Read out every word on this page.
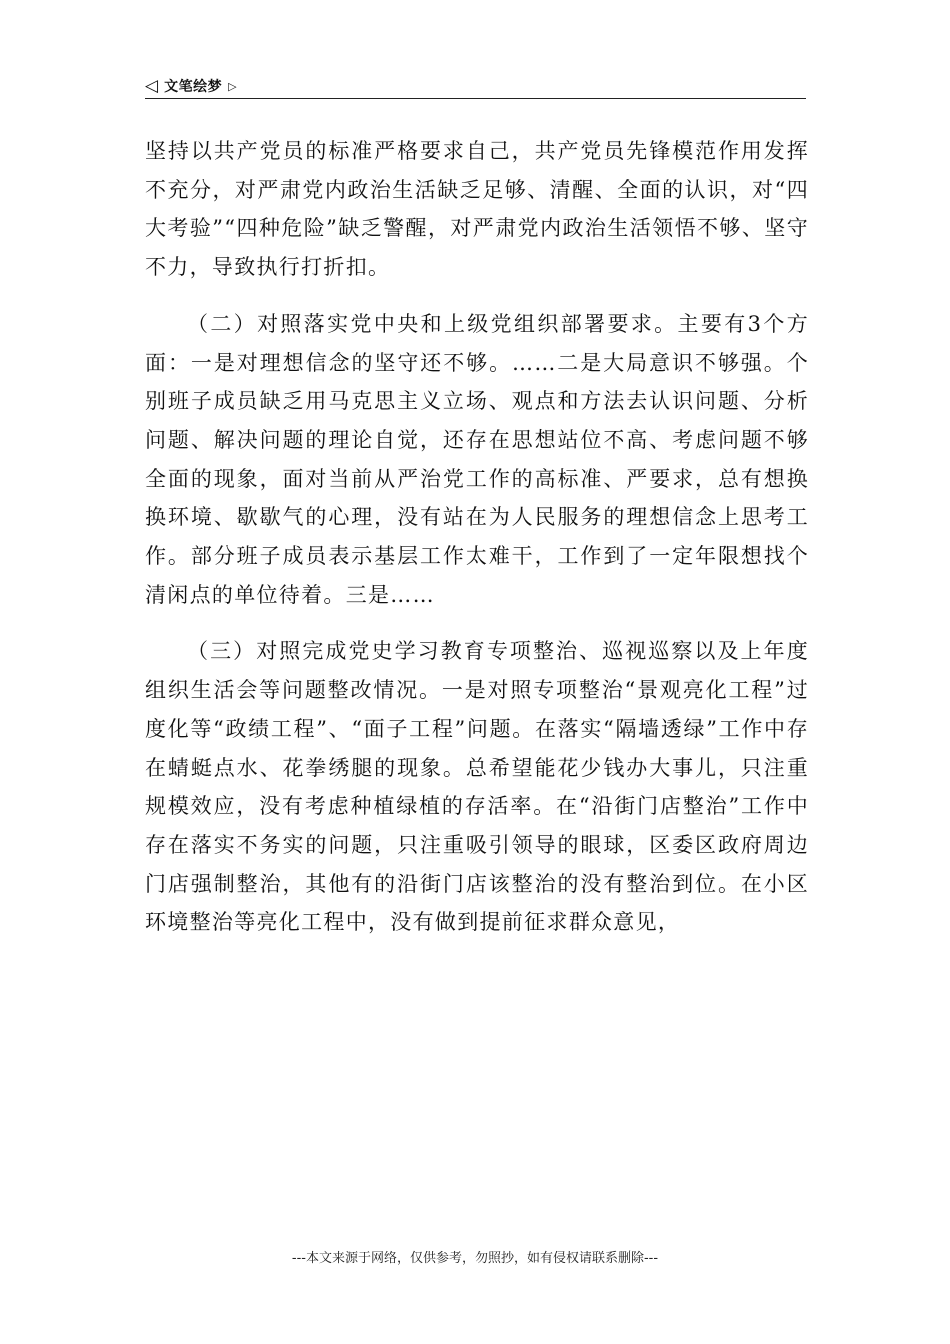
◁ 文笔绘梦 ▷

坚持以共产党员的标准严格要求自己，共产党员先锋模范作用发挥不充分，对严肃党内政治生活缺乏足够、清醒、全面的认识，对“四大考验”“四种危险”缺乏警醒，对严肃党内政治生活领悟不够、坚守不力，导致执行打折扣。

（二）对照落实党中央和上级党组织部署要求。主要有3个方面：一是对理想信念的坚守还不够。……二是大局意识不够强。个别班子成员缺乏用马克思主义立场、观点和方法去认识问题、分析问题、解决问题的理论自觉，还存在思想站位不高、考虑问题不够全面的现象，面对当前从严治党工作的高标准、严要求，总有想换换环境、歇歇气的心理，没有站在为人民服务的理想信念上思考工作。部分班子成员表示基层工作太难干，工作到了一定年限想找个清闲点的单位待着。三是……

（三）对照完成党史学习教育专项整治、巡视巡察以及上年度组织生活会等问题整改情况。一是对照专项整治“景观亮化工程”过度化等“政绩工程”、“面子工程”问题。在落实“隔墙透绿”工作中存在蜻蜓点水、花拳绣腿的现象。总希望能花少钱办大事儿，只注重规模效应，没有考虑种植绿植的存活率。在“沿街门店整治”工作中存在落实不务实的问题，只注重吸引领导的眼球，区委区政府周边门店强制整治，其他有的沿街门店该整治的没有整治到位。在小区环境整治等亮化工程中，没有做到提前征求群众意见，

---本文来源于网络，仅供参考，勿照抄，如有侵权请联系删除---
